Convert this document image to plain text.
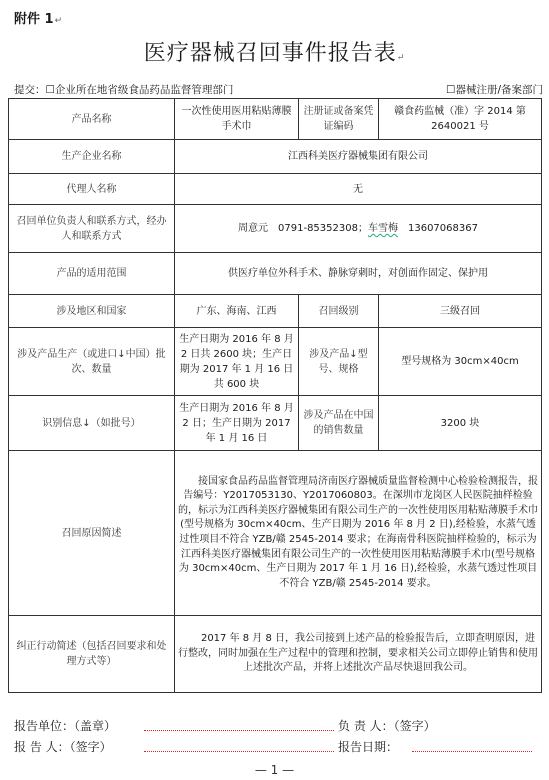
附件 1↵
医疗器械召回事件报告表↵
提交：☐企业所在地省级食品药品监督管理部门	☐器械注册/备案部门
产品名称	一次性使用医用粘贴薄膜手术巾	注册证或备案凭证编码	赣食药监械（准）字 2014 第 2640021 号
生产企业名称	江西科美医疗器械集团有限公司		
代理人名称	无		
召回单位负责人和联系方式，经办人和联系方式	周意元　0791-85352308；车雪梅　13607068367		
产品的适用范围	供医疗单位外科手术、静脉穿刺时，对创面作固定、保护用		
涉及地区和国家	广东、海南、江西	召回级别	三级召回
涉及产品生产（或进口↓中国）批次、数量	生产日期为 2016 年 8 月 2 日共 2600 块；生产日期为 2017 年 1 月 16 日共 600 块	涉及产品↓型号、规格	型号规格为 30cm×40cm
识别信息↓（如批号）	生产日期为 2016 年 8 月 2 日；生产日期为 2017 年 1 月 16 日	涉及产品在中国的销售数量	3200 块
召回原因简述	接国家食品药品监督管理局济南医疗器械质量监督检测中心检验检测报告，报告编号：Y2017053130、Y2017060803。在深圳市龙岗区人民医院抽样检验的，标示为江西科美医疗器械集团有限公司生产的一次性使用医用粘贴薄膜手术巾(型号规格为 30cm×40cm、生产日期为 2016 年 8 月 2 日),经检验，水蒸气透过性项目不符合 YZB/赣 2545-2014 要求；在海南骨科医院抽样检验的，标示为江西科美医疗器械集团有限公司生产的一次性使用医用粘贴薄膜手术巾(型号规格为 30cm×40cm、生产日期为 2017 年 1 月 16 日),经检验，水蒸气透过性项目不符合 YZB/赣 2545-2014 要求。		
纠正行动简述（包括召回要求和处理方式等）	2017 年 8 月 8 日，我公司接到上述产品的检验报告后，立即查明原因，进行整改，同时加强在生产过程中的管理和控制，要求相关公司立即停止销售和使用上述批次产品，并将上述批次产品尽快退回我公司。		
报告单位：（盖章）	负 责 人：（签字）
报 告 人：（签字）	报告日期：
— 1 —
